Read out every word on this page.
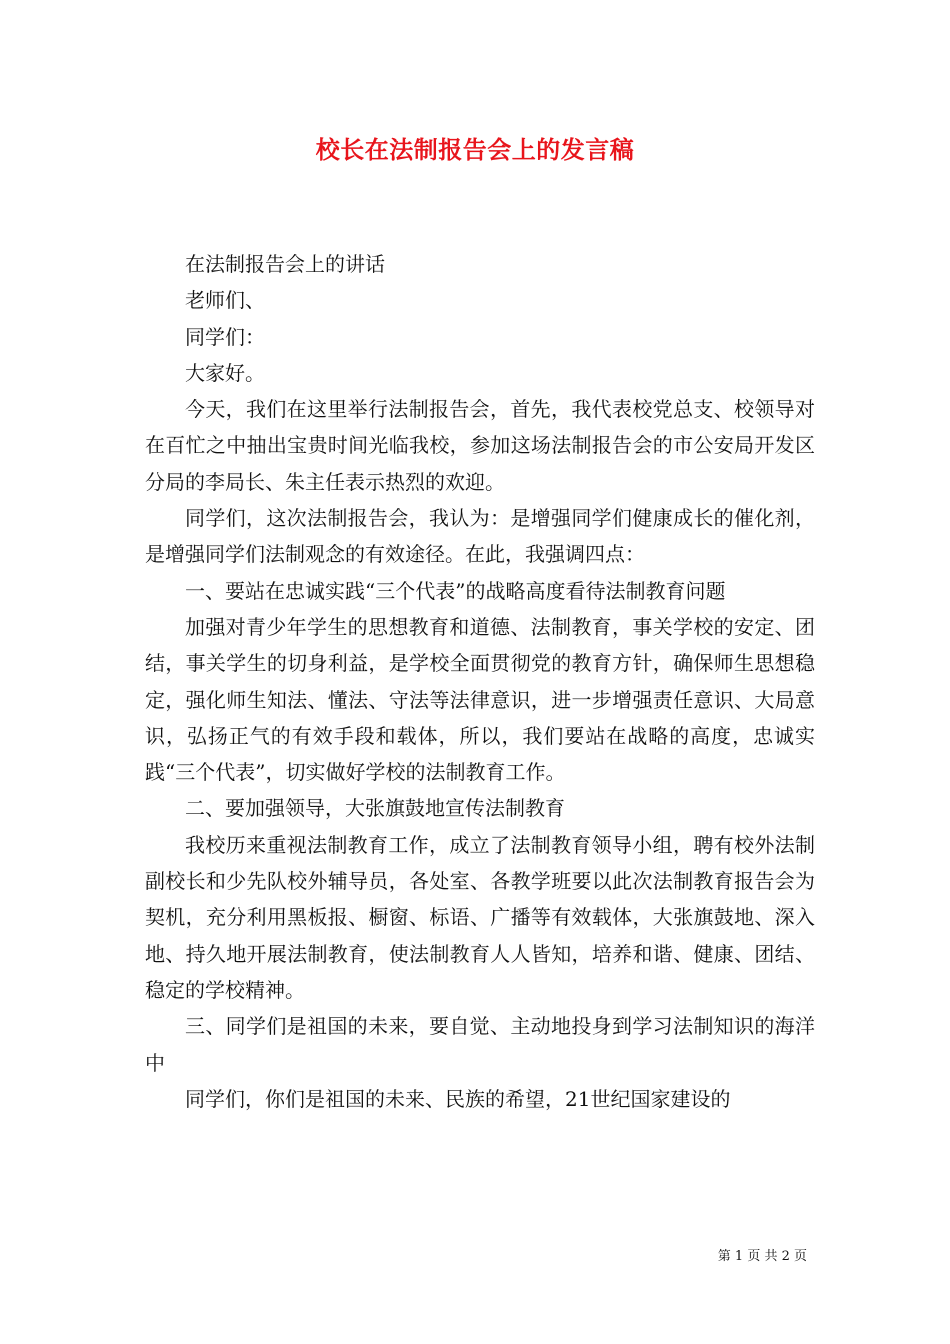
校长在法制报告会上的发言稿

在法制报告会上的讲话

老师们、

同学们：

大家好。

今天，我们在这里举行法制报告会，首先，我代表校党总支、校领导对在百忙之中抽出宝贵时间光临我校，参加这场法制报告会的市公安局开发区分局的李局长、朱主任表示热烈的欢迎。

同学们，这次法制报告会，我认为：是增强同学们健康成长的催化剂，是增强同学们法制观念的有效途径。在此，我强调四点：

一、要站在忠诚实践“三个代表”的战略高度看待法制教育问题

加强对青少年学生的思想教育和道德、法制教育，事关学校的安定、团结，事关学生的切身利益，是学校全面贯彻党的教育方针，确保师生思想稳定，强化师生知法、懂法、守法等法律意识，进一步增强责任意识、大局意识，弘扬正气的有效手段和载体，所以，我们要站在战略的高度，忠诚实践“三个代表”，切实做好学校的法制教育工作。

二、要加强领导，大张旗鼓地宣传法制教育

我校历来重视法制教育工作，成立了法制教育领导小组，聘有校外法制副校长和少先队校外辅导员，各处室、各教学班要以此次法制教育报告会为契机，充分利用黑板报、橱窗、标语、广播等有效载体，大张旗鼓地、深入地、持久地开展法制教育，使法制教育人人皆知，培养和谐、健康、团结、稳定的学校精神。

三、同学们是祖国的未来，要自觉、主动地投身到学习法制知识的海洋中

同学们，你们是祖国的未来、民族的希望，21世纪国家建设的

第 1 页 共 2 页
